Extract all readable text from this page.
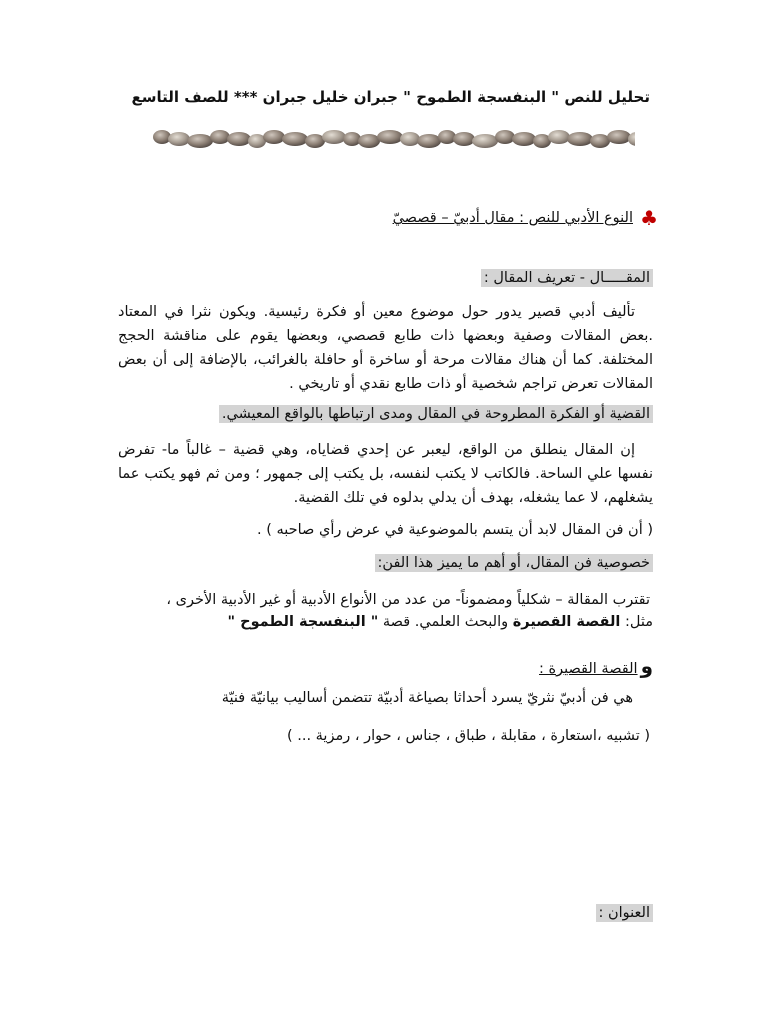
تحليل للنص " البنفسجة الطموح " جبران خليل جبران *** للصف التاسع
♣
النوع الأدبي للنص : مقال أدبيّ – قصصيّ
المقـــــال - تعريف المقال :
تأليف أدبي قصير يدور حول موضوع معين أو فكرة رئيسية. ويكون نثرا في المعتاد .بعض المقالات وصفية وبعضها ذات طابع قصصي، وبعضها يقوم على مناقشة الحجج المختلفة. كما أن هناك مقالات مرحة أو ساخرة أو حافلة بالغرائب، بالإضافة إلى أن بعض المقالات تعرض تراجم شخصية أو ذات طابع نقدي أو تاريخي .
القضية أو الفكرة المطروحة في المقال ومدى ارتباطها بالواقع المعيشي.
إن المقال ينطلق من الواقع، ليعبر عن إحدي قضاياه، وهي قضية – غالباً ما- تفرض نفسها علي الساحة. فالكاتب لا يكتب لنفسه، بل يكتب إلى جمهور ؛ ومن ثم فهو يكتب عما يشغلهم، لا عما يشغله، بهدف أن يدلي بدلوه في تلك القضية.
( أن فن المقال لابد أن يتسم بالموضوعية في عرض رأي صاحبه ) .
خصوصية فن المقال، أو أهم ما يميز هذا الفن:
تقترب المقالة – شكلياً ومضموناً- من عدد من الأنواع الأدبية أو غير الأدبية الأخرى ،
مثل: القصة القصيرة والبحث العلمي. قصة " البنفسجة الطموح "
والقصة القصيرة :
هي فن أدبيّ نثريّ يسرد أحداثا بصياغة أدبيّة تتضمن أساليب بيانيّة فنيّة
( تشبيه ،استعارة ، مقابلة ، طباق ، جناس ، حوار ، رمزية ... )
العنوان :
